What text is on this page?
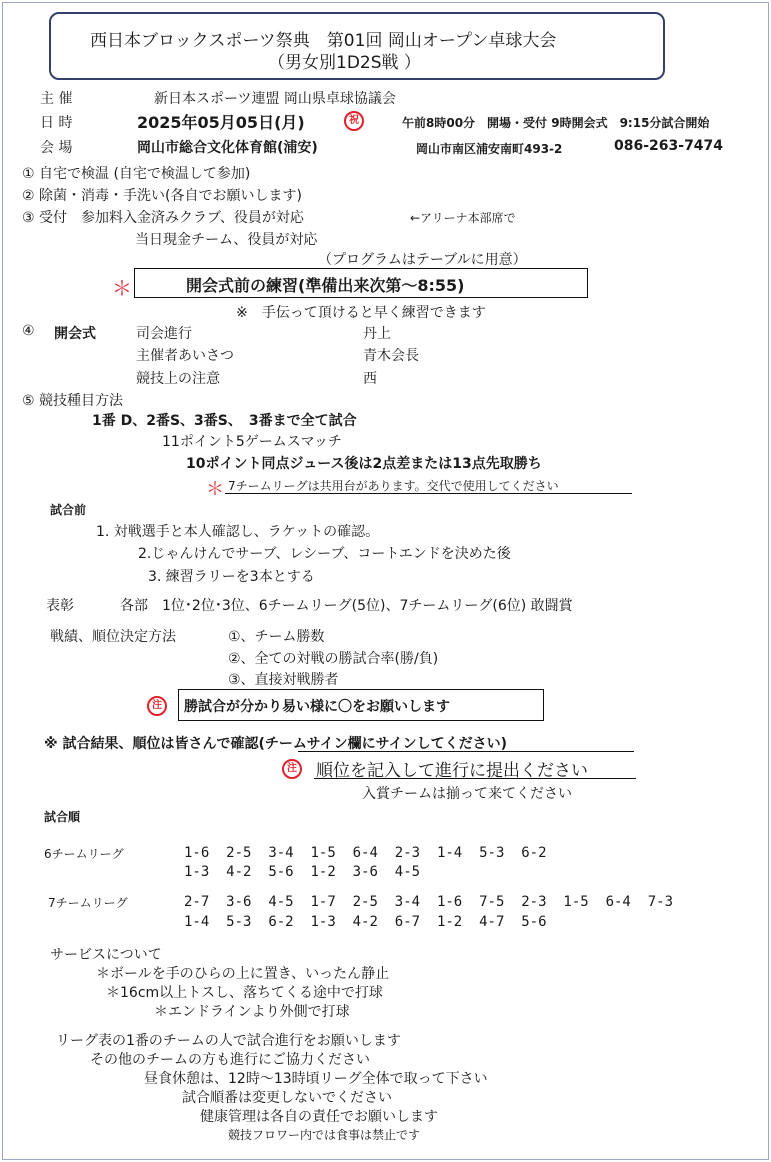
西日本ブロックスポーツ祭典　第01回 岡山オープン卓球大会
（男女別1D2S戦 ）
主 催	新日本スポーツ連盟 岡山県卓球協議会
日 時	2025年05月05日(月)	祝	午前8時00分　開場・受付 9時開会式　9:15分試合開始
会 場	岡山市総合文化体育館(浦安)	岡山市南区浦安南町493-2	086-263-7474
① 自宅で検温 (自宅で検温して参加)
② 除菌・消毒・手洗い(各自でお願いします)
③ 受付　参加料入金済みクラブ、役員が対応	←アリーナ本部席で
当日現金チーム、役員が対応
（プログラムはテーブルに用意）
＊	開会式前の練習(準備出来次第～8:55)
※　手伝って頂けると早く練習できます
④ 開会式	司会進行	丹上
主催者あいさつ	青木会長
競技上の注意	西
⑤ 競技種目方法
1番 D、2番S、3番S、　3番まで全て試合
11ポイント5ゲームスマッチ
10ポイント同点ジュース後は2点差または13点先取勝ち
＊ 7チームリーグは共用台があります。交代で使用してください
試合前
1. 対戦選手と本人確認し、ラケットの確認。
2.じゃんけんでサーブ、レシーブ、コートエンドを決めた後
3. 練習ラリーを3本とする
表彰	各部　1位･2位･3位、6チームリーグ(5位)、7チームリーグ(6位) 敢闘賞
戦績、順位決定方法	①、チーム勝数
②、全ての対戦の勝試合率(勝/負)
③、直接対戦勝者
注	勝試合が分かり易い様に〇をお願いします
※ 試合結果、順位は皆さんで確認(チームサイン欄にサインしてください)
注 順位を記入して進行に提出ください
入賞チームは揃って来てください
試合順
6チームリーグ	1-6 2-5 3-4 1-5 6-4 2-3 1-4 5-3 6-2
1-3 4-2 5-6 1-2 3-6 4-5
7チームリーグ	2-7 3-6 4-5 1-7 2-5 3-4 1-6 7-5 2-3 1-5 6-4 7-3
1-4 5-3 6-2 1-3 4-2 6-7 1-2 4-7 5-6
サービスについて
＊ボールを手のひらの上に置き、いったん静止
＊16cm以上トスし、落ちてくる途中で打球
＊エンドラインより外側で打球
リーグ表の1番のチームの人で試合進行をお願いします
その他のチームの方も進行にご協力ください
昼食休憩は、12時～13時頃リーグ全体で取って下さい
試合順番は変更しないでください
健康管理は各自の責任でお願いします
競技フロワー内では食事は禁止です
